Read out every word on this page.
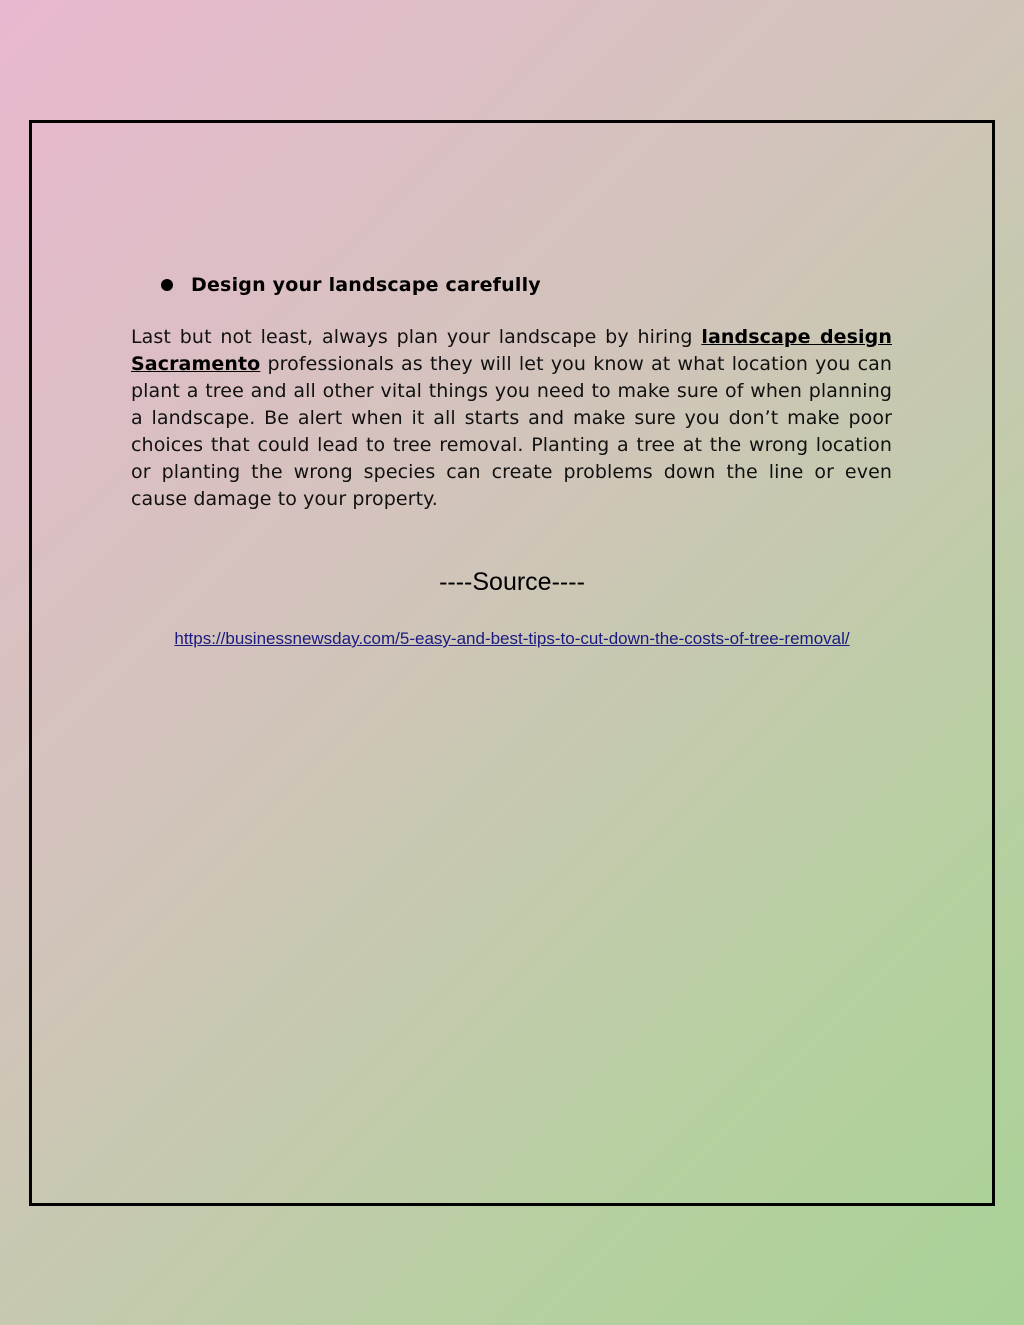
Design your landscape carefully

Last but not least, always plan your landscape by hiring landscape design Sacramento professionals as they will let you know at what location you can plant a tree and all other vital things you need to make sure of when planning a landscape. Be alert when it all starts and make sure you don’t make poor choices that could lead to tree removal. Planting a tree at the wrong location or planting the wrong species can create problems down the line or even cause damage to your property.

----Source----
https://businessnewsday.com/5-easy-and-best-tips-to-cut-down-the-costs-of-tree-removal/
